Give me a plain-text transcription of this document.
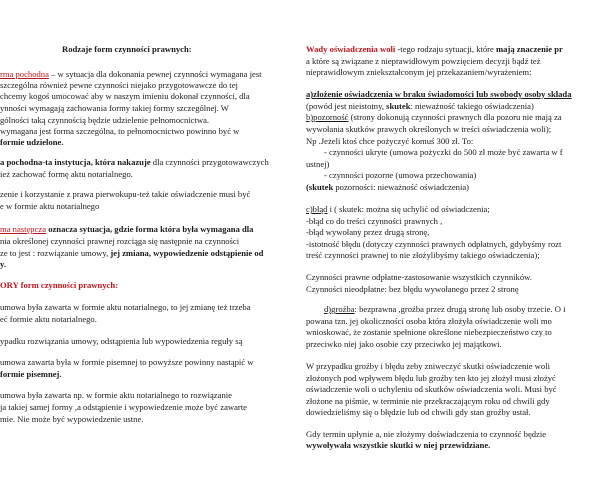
Rodzaje form czynności prawnych:
rma pochodna – w sytuacja dla dokonania pewnej czynności wymagana jest
szczególna również pewne czynności niejako przygotowawcze do tej
chcemy kogoś umocować aby w naszym imieniu dokonał czynności, dla
ynności wymagają zachowania formy takiej formy szczególnej. W
gólności taką czynnością będzie udzielenie pełnomocnictwa.
wymagana jest forma szczególna, to pełnomocnictwo powinno być w
formie udzielone.
a pochodna-ta instytucja, która nakazuje dla czynności przygotowawczych
ież zachować formę aktu notarialnego.
zenie i korzystanie z prawa pierwokupu-też takie oświadczenie musi być
e w formie aktu notarialnego
ma następcza oznacza sytuacja, gdzie forma która była wymagana dla
nia określonej czynności prawnej rozciąga się następnie na czynności
ze to jest : rozwiązanie umowy, jej zmiana, wypowiedzenie odstąpienie od
y.
ORY form czynności prawnych:
umowa była zawarta w formie aktu notarialnego, to jej zmianę też trzeba
eć formie aktu notarialnego.
ypadku rozwiązania umowy, odstąpienia lub wypowiedzenia reguły są
umowa zawarta była w formie pisemnej to powyższe powinny nastąpić w
formie pisemnej.
umowa była zawarta np. w formie aktu notarialnego to rozwiązanie
ja takiej samej formy ,a odstąpienie i wypowiedzenie może być zawarte
mie. Nie może być wypowiedzenie ustne.
Wady oświadczenia woli -tego rodzaju sytuacji, które mają znaczenie pr
a które są związane z nieprawidłowym powzięciem decyzji bądź też
nieprawidłowym zniekształconym jej przekazaniem/wyrażeniem:
a)złożenie oświadczenia w braku świadomości lub swobody osoby składa
(powód jest nieistotny, skutek: nieważność takiego oświadczenia)
b)pozorność (strony dokonują czynności prawnych dla pozoru nie mają za
wywołania skutków prawych określonych w treści oświadczenia woli);
Np .Jeżeli ktoś chce pożyczyć komuś 300 zł. To:
- czynności ukryte (umowa pożyczki do 500 zł może być zawarta w f
ustnej)
- czynności pozorne (umowa przechowania)
(skutek pozorności: nieważność oświadczenia)
c)błąd i ( skutek: można się uchylić od oświadczenia;
-błąd co do treści czynności prawnych ,
-błąd wywołany przez drugą stronę,
-istotność błędu (dotyczy czynności prawnych odpłatnych, gdybyśmy rozt
treść czynności prawnej to nie złożylibyśmy takiego oświadczenia);
Czynności prawne odpłatne-zastosowanie wszystkich czynników.
Czynności nieodpłatne: bez błędu wywołanego przez 2 stronę
d)groźba: bezprawna ,groźba przez drugą stronę lub osoby trzecie. O i
powana tzn. jej okoliczności osoba która złożyła oświadczenie woli mo
wnioskować, że zostanie spełnione określone niebezpieczeństwo czy to
przeciwko niej jako osobie czy przeciwko jej majątkowi.
W przypadku groźby i błędu zeby zniweczyć skutki oświadczenie woli
złożonych pod wpływem błędu lub groźby ten kto jej złożył musi złożyć
oświadczenie woli o uchyleniu od skutków oświadczenia woli. Musi być
złożone na piśmie, w terminie nie przekraczającym roku od chwili gdy
dowiedzieliśmy się o błędzie lub od chwili gdy stan groźby ustał.
Gdy termin upłynie a, nie złożymy doświadczenia to czynność będzie
wywoływała wszystkie skutki w niej przewidziane.
